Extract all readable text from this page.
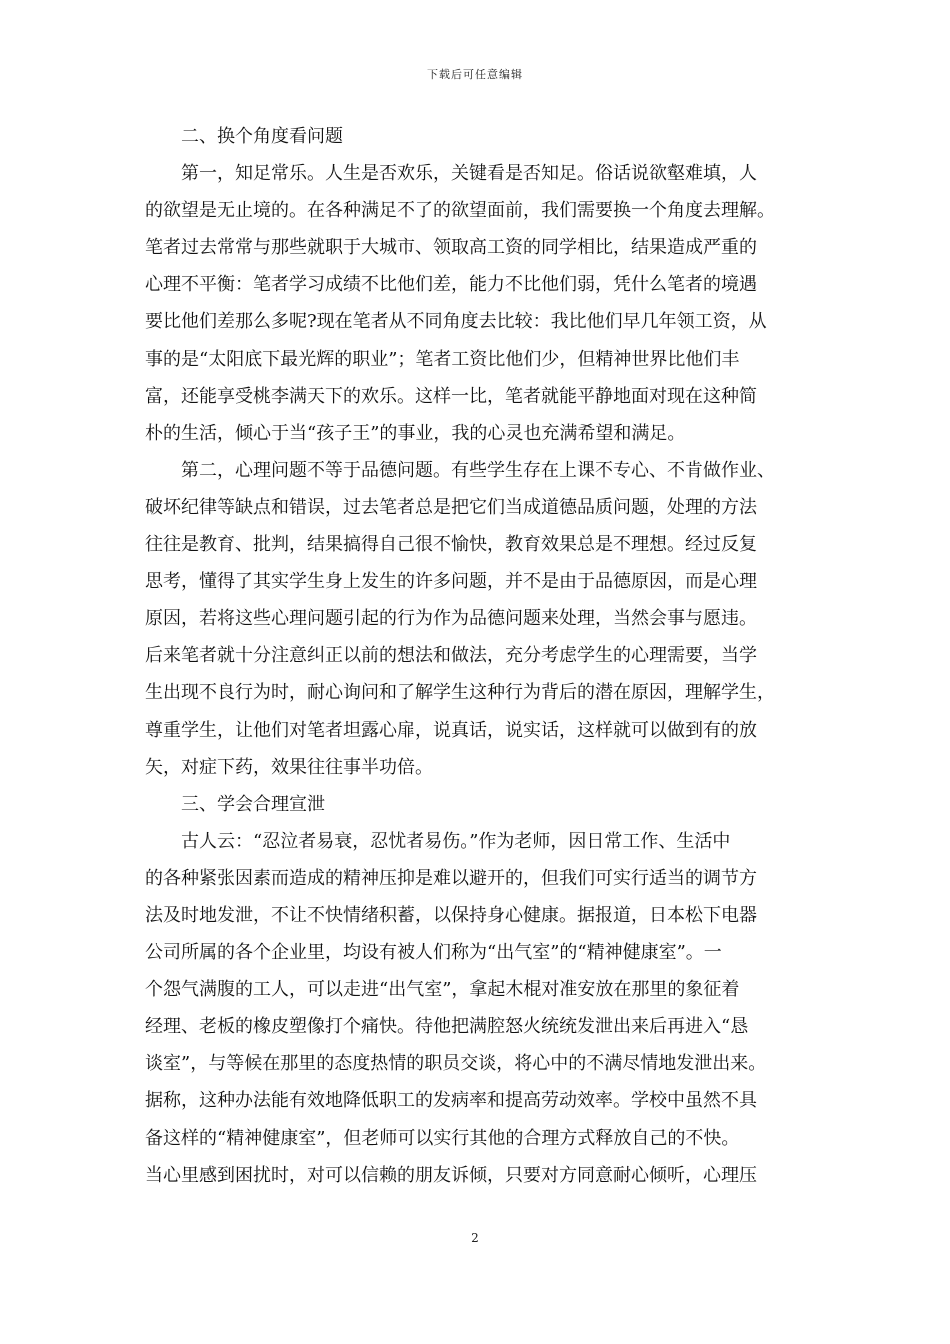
下载后可任意编辑
二、换个角度看问题
第一，知足常乐。人生是否欢乐，关键看是否知足。俗话说欲壑难填，人
的欲望是无止境的。在各种满足不了的欲望面前，我们需要换一个角度去理解。
笔者过去常常与那些就职于大城市、领取高工资的同学相比，结果造成严重的
心理不平衡：笔者学习成绩不比他们差，能力不比他们弱，凭什么笔者的境遇
要比他们差那么多呢?现在笔者从不同角度去比较：我比他们早几年领工资，从
事的是“太阳底下最光辉的职业”；笔者工资比他们少，但精神世界比他们丰
富，还能享受桃李满天下的欢乐。这样一比，笔者就能平静地面对现在这种简
朴的生活，倾心于当“孩子王”的事业，我的心灵也充满希望和满足。
第二，心理问题不等于品德问题。有些学生存在上课不专心、不肯做作业、
破坏纪律等缺点和错误，过去笔者总是把它们当成道德品质问题，处理的方法
往往是教育、批判，结果搞得自己很不愉快，教育效果总是不理想。经过反复
思考，懂得了其实学生身上发生的许多问题，并不是由于品德原因，而是心理
原因，若将这些心理问题引起的行为作为品德问题来处理，当然会事与愿违。
后来笔者就十分注意纠正以前的想法和做法，充分考虑学生的心理需要，当学
生出现不良行为时，耐心询问和了解学生这种行为背后的潜在原因，理解学生，
尊重学生，让他们对笔者坦露心扉，说真话，说实话，这样就可以做到有的放
矢，对症下药，效果往往事半功倍。
三、学会合理宣泄
古人云：“忍泣者易衰，忍忧者易伤。”作为老师，因日常工作、生活中
的各种紧张因素而造成的精神压抑是难以避开的，但我们可实行适当的调节方
法及时地发泄，不让不快情绪积蓄，以保持身心健康。据报道，日本松下电器
公司所属的各个企业里，均设有被人们称为“出气室”的“精神健康室”。一
个怨气满腹的工人，可以走进“出气室”，拿起木棍对准安放在那里的象征着
经理、老板的橡皮塑像打个痛快。待他把满腔怒火统统发泄出来后再进入“恳
谈室”，与等候在那里的态度热情的职员交谈，将心中的不满尽情地发泄出来。
据称，这种办法能有效地降低职工的发病率和提高劳动效率。学校中虽然不具
备这样的“精神健康室”，但老师可以实行其他的合理方式释放自己的不快。
当心里感到困扰时，对可以信赖的朋友诉倾，只要对方同意耐心倾听，心理压
2
